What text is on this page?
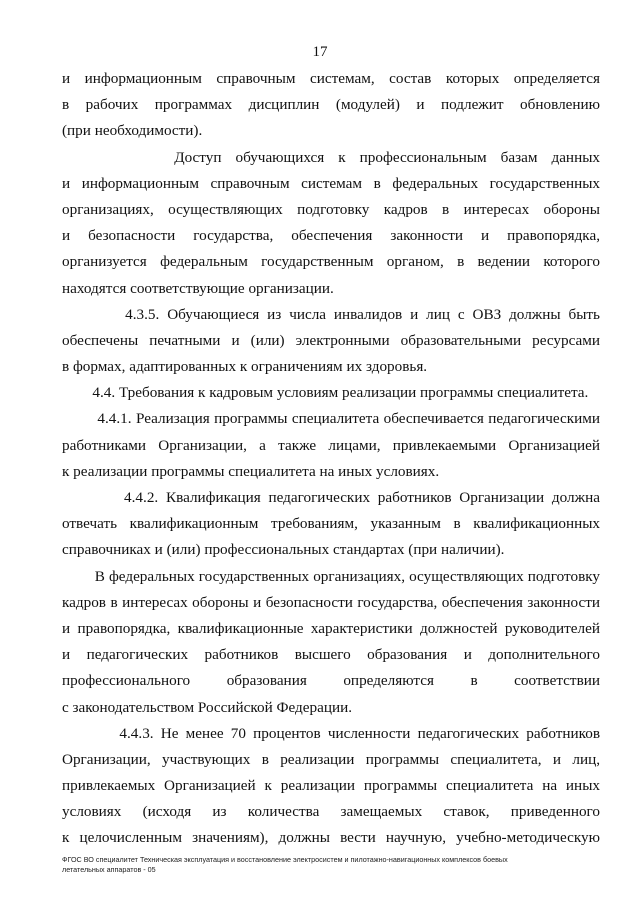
17
и информационным справочным системам, состав которых определяется
в рабочих программах дисциплин (модулей) и подлежит обновлению
(при необходимости).
Доступ обучающихся к профессиональным базам данных
и информационным справочным системам в федеральных государственных
организациях, осуществляющих подготовку кадров в интересах обороны
и безопасности государства, обеспечения законности и правопорядка,
организуется федеральным государственным органом, в ведении которого
находятся соответствующие организации.
4.3.5. Обучающиеся из числа инвалидов и лиц с ОВЗ должны быть
обеспечены печатными и (или) электронными образовательными ресурсами
в формах, адаптированных к ограничениям их здоровья.
4.4. Требования к кадровым условиям реализации программы специалитета.
4.4.1. Реализация программы специалитета обеспечивается педагогическими
работниками Организации, а также лицами, привлекаемыми Организацией
к реализации программы специалитета на иных условиях.
4.4.2. Квалификация педагогических работников Организации должна
отвечать квалификационным требованиям, указанным в квалификационных
справочниках и (или) профессиональных стандартах (при наличии).
В федеральных государственных организациях, осуществляющих подготовку
кадров в интересах обороны и безопасности государства, обеспечения законности
и правопорядка, квалификационные характеристики должностей руководителей
и педагогических работников высшего образования и дополнительного
профессионального образования определяются в соответствии
с законодательством Российской Федерации.
4.4.3. Не менее 70 процентов численности педагогических работников
Организации, участвующих в реализации программы специалитета, и лиц,
привлекаемых Организацией к реализации программы специалитета на иных
условиях (исходя из количества замещаемых ставок, приведенного
к целочисленным значениям), должны вести научную, учебно-методическую
ФГОС ВО специалитет Техническая эксплуатация и восстановление электросистем и пилотажно-навигационных комплексов боевых
летательных аппаратов - 05
